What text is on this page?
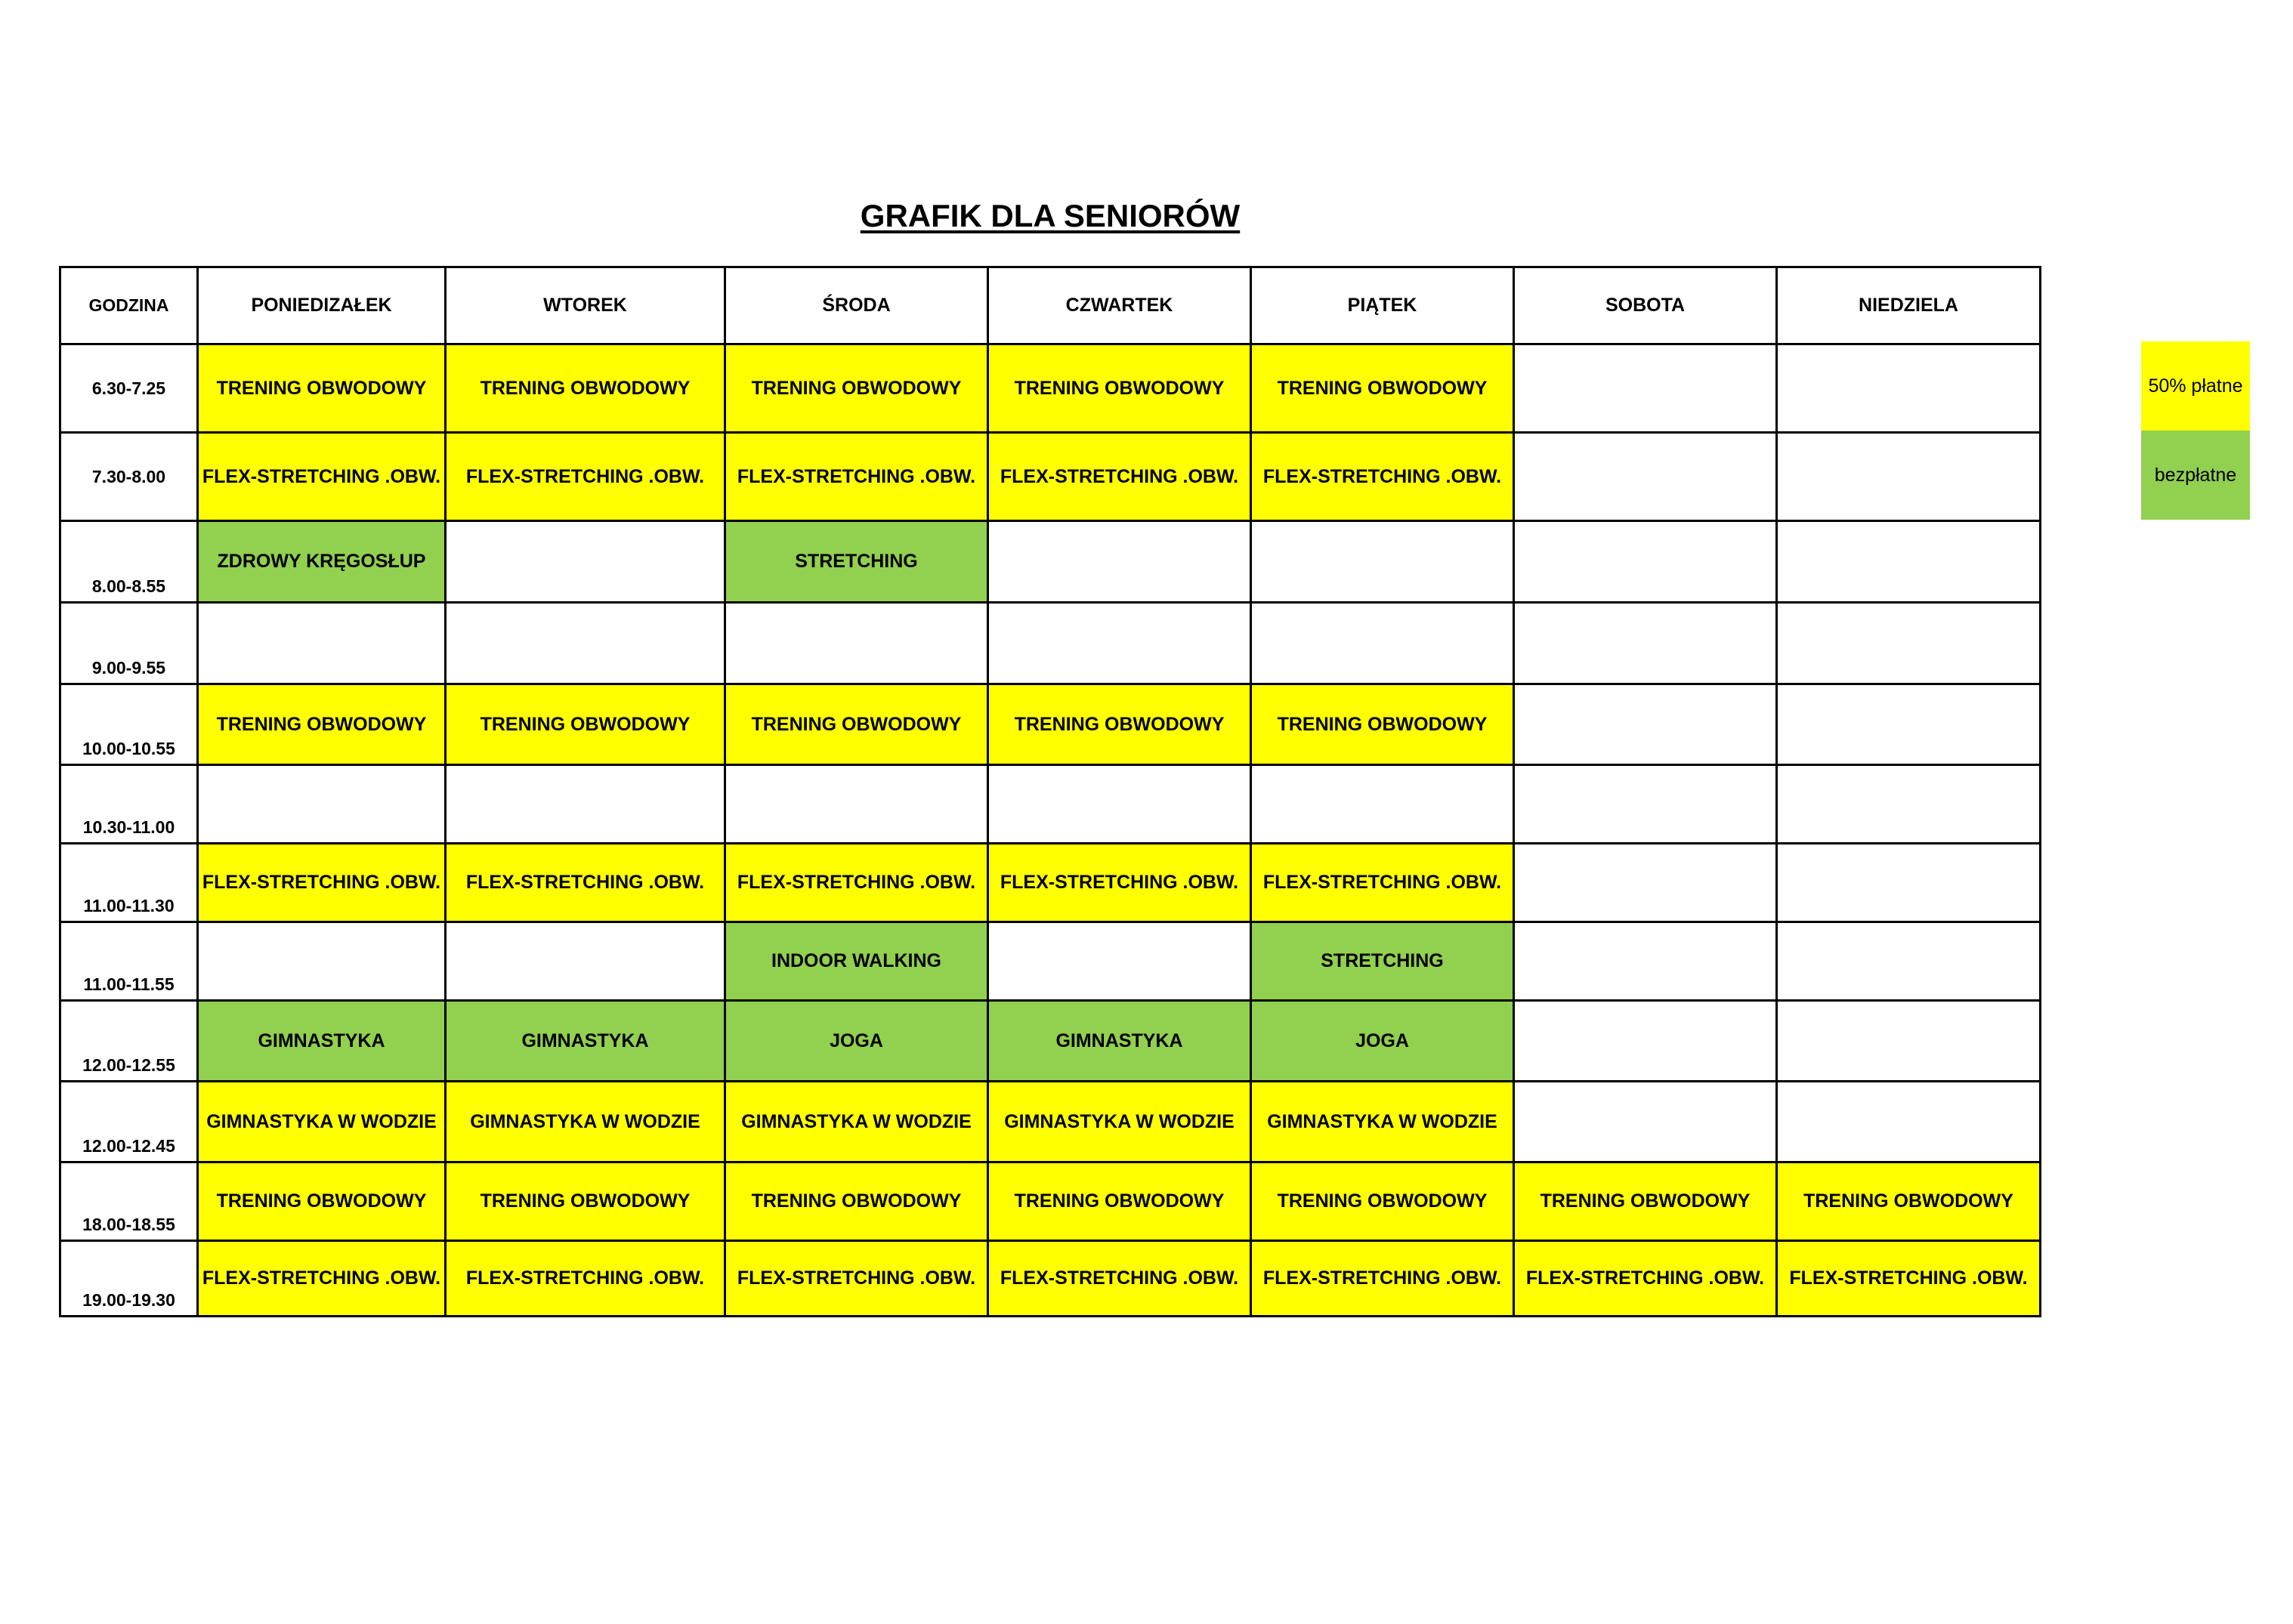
GRAFIK DLA SENIORÓW
GODZINA	PONIEDIZAŁEK	WTOREK	ŚRODA	CZWARTEK	PIĄTEK	SOBOTA	NIEDZIELA
6.30-7.25	TRENING OBWODOWY	TRENING OBWODOWY	TRENING OBWODOWY	TRENING OBWODOWY	TRENING OBWODOWY		
7.30-8.00	FLEX-STRETCHING .OBW.	FLEX-STRETCHING .OBW.	FLEX-STRETCHING .OBW.	FLEX-STRETCHING .OBW.	FLEX-STRETCHING .OBW.		
8.00-8.55	ZDROWY KRĘGOSŁUP		STRETCHING				
9.00-9.55							
10.00-10.55	TRENING OBWODOWY	TRENING OBWODOWY	TRENING OBWODOWY	TRENING OBWODOWY	TRENING OBWODOWY		
10.30-11.00							
11.00-11.30	FLEX-STRETCHING .OBW.	FLEX-STRETCHING .OBW.	FLEX-STRETCHING .OBW.	FLEX-STRETCHING .OBW.	FLEX-STRETCHING .OBW.		
11.00-11.55			INDOOR WALKING		STRETCHING		
12.00-12.55	GIMNASTYKA	GIMNASTYKA	JOGA	GIMNASTYKA	JOGA		
12.00-12.45	GIMNASTYKA W WODZIE	GIMNASTYKA W WODZIE	GIMNASTYKA W WODZIE	GIMNASTYKA W WODZIE	GIMNASTYKA W WODZIE		
18.00-18.55	TRENING OBWODOWY	TRENING OBWODOWY	TRENING OBWODOWY	TRENING OBWODOWY	TRENING OBWODOWY	TRENING OBWODOWY	TRENING OBWODOWY
19.00-19.30	FLEX-STRETCHING .OBW.	FLEX-STRETCHING .OBW.	FLEX-STRETCHING .OBW.	FLEX-STRETCHING .OBW.	FLEX-STRETCHING .OBW.	FLEX-STRETCHING .OBW.	FLEX-STRETCHING .OBW.
50% płatne
bezpłatne
